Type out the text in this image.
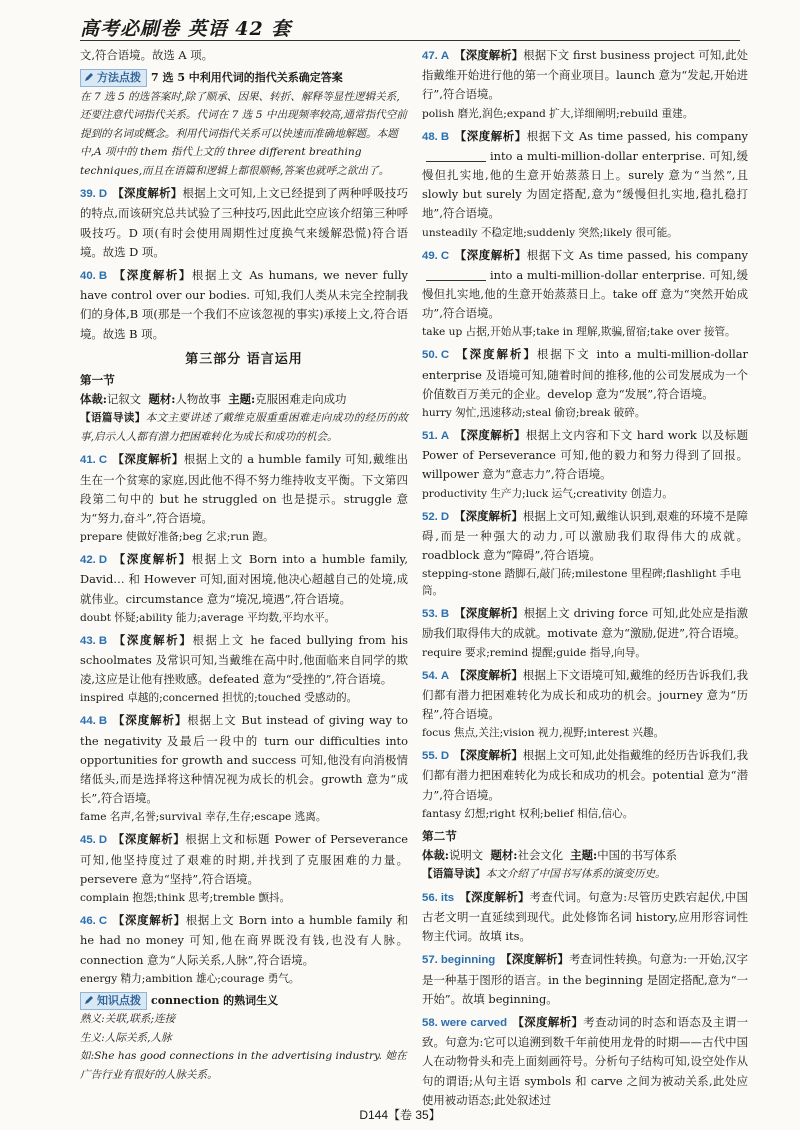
高考必刷卷 英语 42 套

文,符合语境。故选 A 项。

方法点拨 7 选 5 中利用代词的指代关系确定答案
在 7 选 5 的选答案时,除了顺承、因果、转折、解释等显性逻辑关系,还要注意代词指代关系。代词在 7 选 5 中出现频率较高,通常指代空前提到的名词或概念。利用代词指代关系可以快速而准确地解题。本题中,A 项中的 them 指代上文的 three different breathing techniques,而且在语篇和逻辑上都很顺畅,答案也就呼之欲出了。

39. D 【深度解析】根据上文可知,上文已经提到了两种呼吸技巧的特点,而该研究总共试验了三种技巧,因此此空应该介绍第三种呼吸技巧。D 项(有时会使用周期性过度换气来缓解恐慌)符合语境。故选 D 项。

40. B 【深度解析】根据上文 As humans, we never fully have control over our bodies. 可知,我们人类从未完全控制我们的身体,B 项(那是一个我们不应该忽视的事实)承接上文,符合语境。故选 B 项。

第三部分 语言运用
第一节

体裁:记叙文 题材:人物故事 主题:克服困难走向成功

【语篇导读】本文主要讲述了戴维克服重重困难走向成功的经历的故事,启示人人都有潜力把困难转化为成长和成功的机会。

41. C 【深度解析】根据上文的 a humble family 可知,戴维出生在一个贫寒的家庭,因此他不得不努力维持收支平衡。下文第四段第二句中的 but he struggled on 也是提示。struggle 意为“努力,奋斗”,符合语境。

prepare 使做好准备;beg 乞求;run 跑。

42. D 【深度解析】根据上文 Born into a humble family, David… 和 However 可知,面对困境,他决心超越自己的处境,成就伟业。circumstance 意为“境况,境遇”,符合语境。

doubt 怀疑;ability 能力;average 平均数,平均水平。

43. B 【深度解析】根据上文 he faced bullying from his schoolmates 及常识可知,当戴维在高中时,他面临来自同学的欺凌,这应是让他有挫败感。defeated 意为“受挫的”,符合语境。

inspired 卓越的;concerned 担忧的;touched 受感动的。

44. B 【深度解析】根据上文 But instead of giving way to the negativity 及最后一段中的 turn our difficulties into opportunities for growth and success 可知,他没有向消极情绪低头,而是选择将这种情况视为成长的机会。growth 意为“成长”,符合语境。

fame 名声,名誉;survival 幸存,生存;escape 逃离。

45. D 【深度解析】根据上文和标题 Power of Perseverance 可知,他坚持度过了艰难的时期,并找到了克服困难的力量。persevere 意为“坚持”,符合语境。

complain 抱怨;think 思考;tremble 颤抖。

46. C 【深度解析】根据上文 Born into a humble family 和 he had no money 可知,他在商界既没有钱,也没有人脉。connection 意为“人际关系,人脉”,符合语境。

energy 精力;ambition 雄心;courage 勇气。

知识点拨 connection 的熟词生义
熟义:关联,联系;连接
生义:人际关系,人脉
如:She has good connections in the advertising industry. 她在广告行业有很好的人脉关系。

47. A 【深度解析】根据下文 first business project 可知,此处指戴维开始进行他的第一个商业项目。launch 意为“发起,开始进行”,符合语境。

polish 磨光,润色;expand 扩大,详细阐明;rebuild 重建。

48. B 【深度解析】根据下文 As time passed, his companyinto a multi-million-dollar enterprise. 可知,缓慢但扎实地,他的生意开始蒸蒸日上。surely 意为“当然”,且 slowly but surely 为固定搭配,意为“缓慢但扎实地,稳扎稳打地”,符合语境。

unsteadily 不稳定地;suddenly 突然;likely 很可能。

49. C 【深度解析】根据下文 As time passed, his companyinto a multi-million-dollar enterprise. 可知,缓慢但扎实地,他的生意开始蒸蒸日上。take off 意为“突然开始成功”,符合语境。

take up 占据,开始从事;take in 理解,欺骗,留宿;take over 接管。

50. C 【深度解析】根据下文 into a multi-million-dollar enterprise 及语境可知,随着时间的推移,他的公司发展成为一个价值数百万美元的企业。develop 意为“发展”,符合语境。

hurry 匆忙,迅速移动;steal 偷窃;break 破碎。

51. A 【深度解析】根据上文内容和下文 hard work 以及标题 Power of Perseverance 可知,他的毅力和努力得到了回报。willpower 意为“意志力”,符合语境。

productivity 生产力;luck 运气;creativity 创造力。

52. D 【深度解析】根据上文可知,戴维认识到,艰难的环境不是障碍,而是一种强大的动力,可以激励我们取得伟大的成就。roadblock 意为“障碍”,符合语境。

stepping-stone 踏脚石,敲门砖;milestone 里程碑;flashlight 手电筒。

53. B 【深度解析】根据上文 driving force 可知,此处应是指激励我们取得伟大的成就。motivate 意为“激励,促进”,符合语境。

require 要求;remind 提醒;guide 指导,向导。

54. A 【深度解析】根据上下文语境可知,戴维的经历告诉我们,我们都有潜力把困难转化为成长和成功的机会。journey 意为“历程”,符合语境。

focus 焦点,关注;vision 视力,视野;interest 兴趣。

55. D 【深度解析】根据上文可知,此处指戴维的经历告诉我们,我们都有潜力把困难转化为成长和成功的机会。potential 意为“潜力”,符合语境。

fantasy 幻想;right 权利;belief 相信,信心。

第二节

体裁:说明文 题材:社会文化 主题:中国的书写体系

【语篇导读】本文介绍了中国书写体系的演变历史。

56. its 【深度解析】考查代词。句意为:尽管历史跌宕起伏,中国古老文明一直延续到现代。此处修饰名词 history,应用形容词性物主代词。故填 its。

57. beginning 【深度解析】考查词性转换。句意为:一开始,汉字是一种基于图形的语言。in the beginning 是固定搭配,意为“一开始”。故填 beginning。

58. were carved 【深度解析】考查动词的时态和语态及主谓一致。句意为:它可以追溯到数千年前使用龙骨的时期——古代中国人在动物骨头和壳上面刻画符号。分析句子结构可知,设空处作从句的谓语;从句主语 symbols 和 carve 之间为被动关系,此处应使用被动语态;此处叙述过

D144【卷 35】
